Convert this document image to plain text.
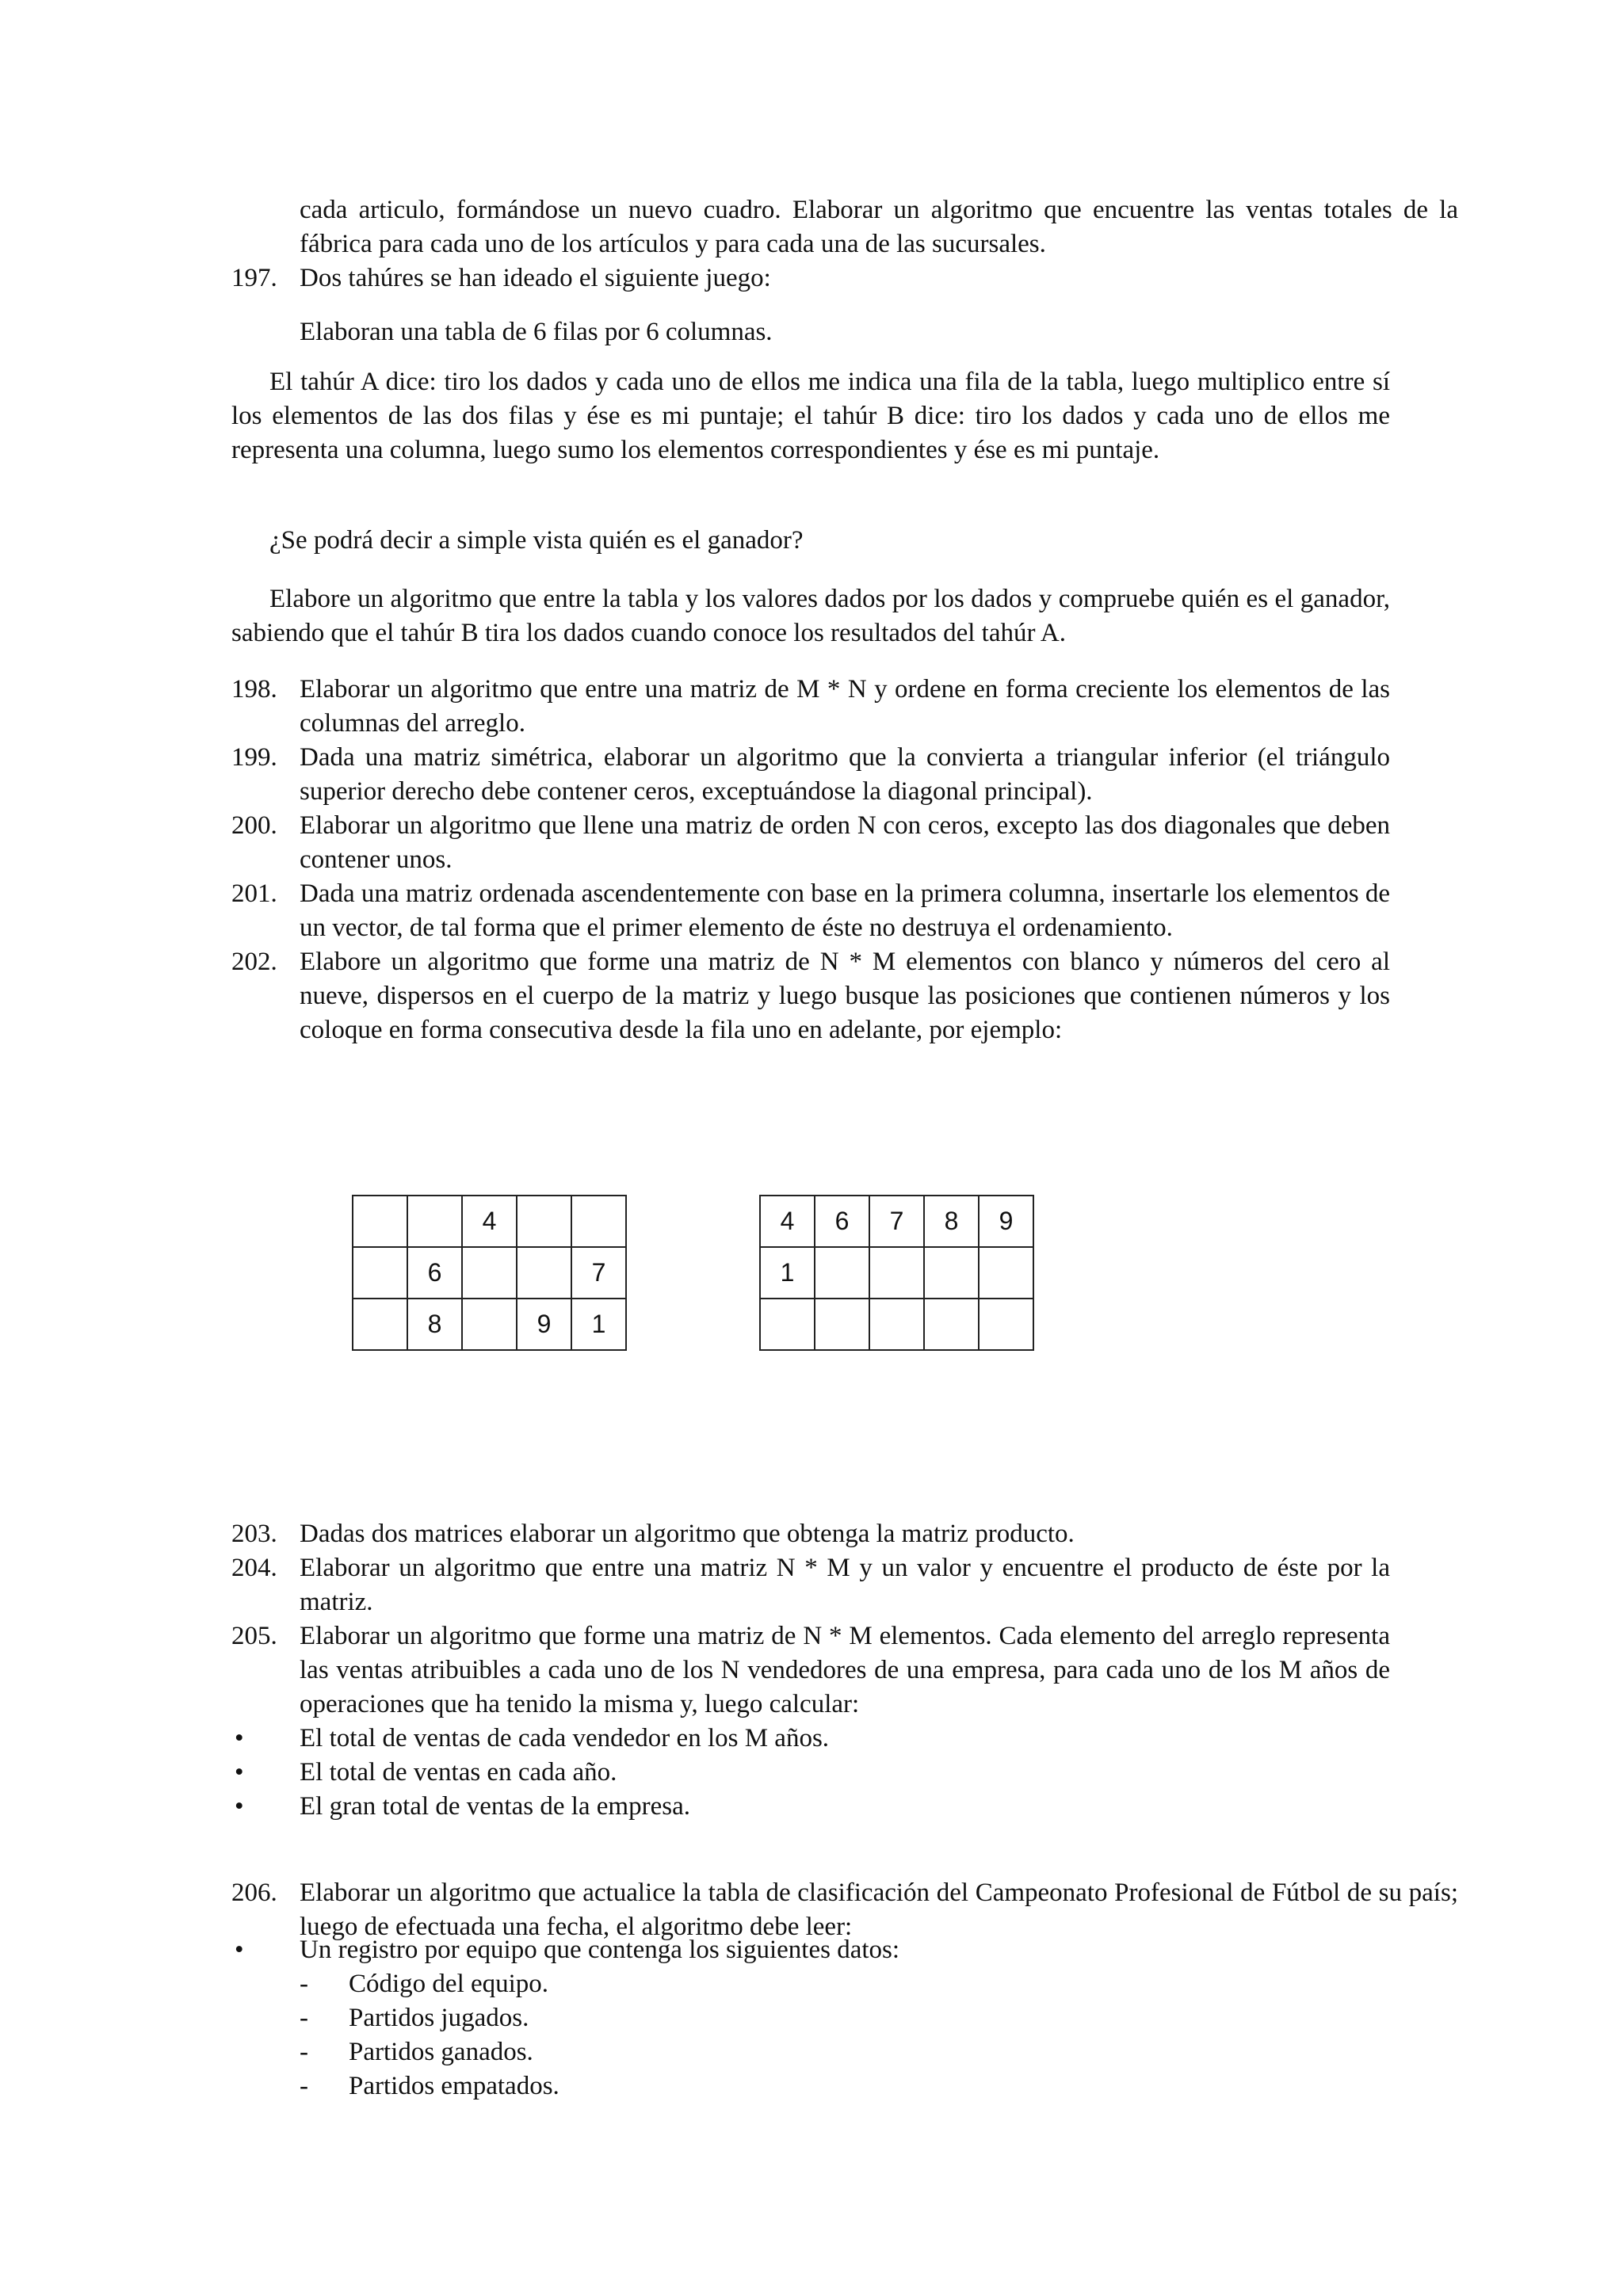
cada articulo, formándose un nuevo cuadro. Elaborar un algoritmo que encuentre las ventas totales de la fábrica para cada uno de los artículos y para cada una de las sucursales.
197. Dos tahúres se han ideado el siguiente juego:
Elaboran una tabla de 6 filas por 6 columnas.
El tahúr A dice: tiro los dados y cada uno de ellos me indica una fila de la tabla, luego multiplico entre sí los elementos de las dos filas y ése es mi puntaje; el tahúr B dice: tiro los dados y cada uno de ellos me representa una columna, luego sumo los elementos correspondientes y ése es mi puntaje.
¿Se podrá decir a simple vista quién es el ganador?
Elabore un algoritmo que entre la tabla y los valores dados por los dados y compruebe quién es el ganador, sabiendo que el tahúr B tira los dados cuando conoce los resultados del tahúr A.
198. Elaborar un algoritmo que entre una matriz de M * N y ordene en forma creciente los elementos de las columnas del arreglo.
199. Dada una matriz simétrica, elaborar un algoritmo que la convierta a triangular inferior (el triángulo superior derecho debe contener ceros, exceptuándose la diagonal principal).
200. Elaborar un algoritmo que llene una matriz de orden N con ceros, excepto las dos diagonales que deben contener unos.
201. Dada una matriz ordenada ascendentemente con base en la primera columna, insertarle los elementos de un vector, de tal forma que el primer elemento de éste no destruya el ordenamiento.
202. Elabore un algoritmo que forme una matriz de N * M elementos con blanco y números del cero al nueve, dispersos en el cuerpo de la matriz y luego busque las posiciones que contienen números y los coloque en forma consecutiva desde la fila uno en adelante, por ejemplo:
		4		
	6			7
	8		9	1
4	6	7	8	9
1				

203. Dadas dos matrices elaborar un algoritmo que obtenga la matriz producto.
204. Elaborar un algoritmo que entre una matriz N * M y un valor y encuentre el producto de éste por la matriz.
205. Elaborar un algoritmo que forme una matriz de N * M elementos. Cada elemento del arreglo representa las ventas atribuibles a cada uno de los N vendedores de una empresa, para cada uno de los M años de operaciones que ha tenido la misma y, luego calcular:
• El total de ventas de cada vendedor en los M años.
• El total de ventas en cada año.
• El gran total de ventas de la empresa.
206. Elaborar un algoritmo que actualice la tabla de clasificación del Campeonato Profesional de Fútbol de su país; luego de efectuada una fecha, el algoritmo debe leer:
• Un registro por equipo que contenga los siguientes datos:
- Código del equipo.
- Partidos jugados.
- Partidos ganados.
- Partidos empatados.
